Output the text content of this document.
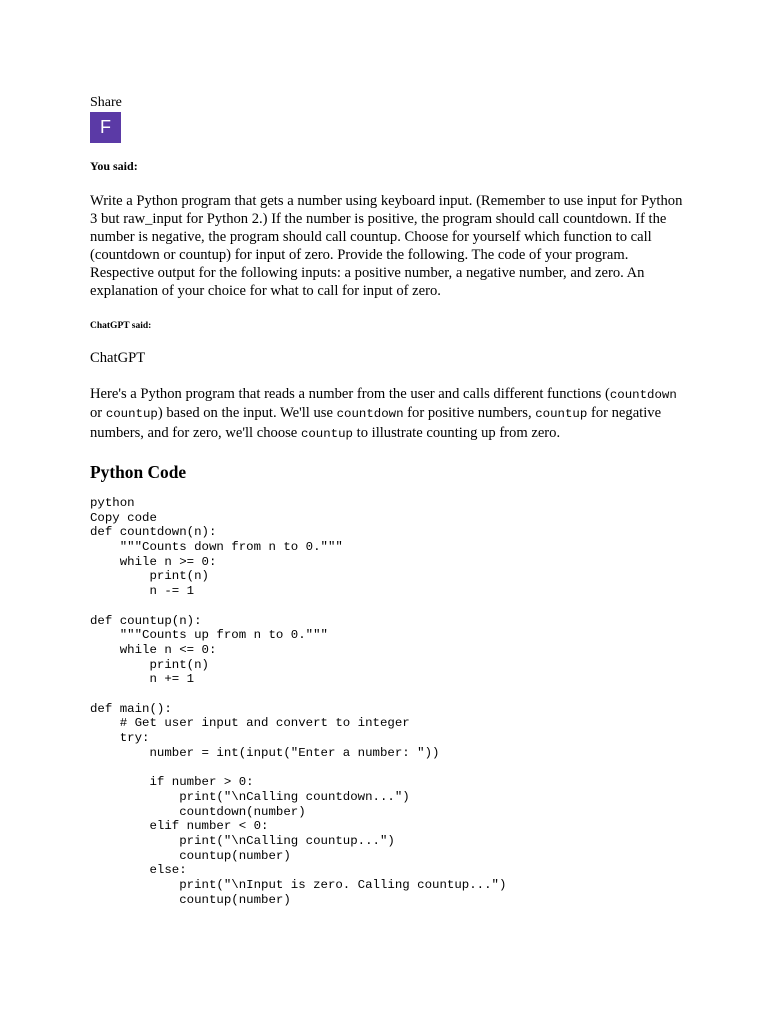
Share

F

You said:

Write a Python program that gets a number using keyboard input. (Remember to use input for Python 3 but raw_input for Python 2.) If the number is positive, the program should call countdown. If the number is negative, the program should call countup. Choose for yourself which function to call (countdown or countup) for input of zero. Provide the following. The code of your program. Respective output for the following inputs: a positive number, a negative number, and zero. An explanation of your choice for what to call for input of zero.

ChatGPT said:

ChatGPT

Here's a Python program that reads a number from the user and calls different functions (countdown or countup) based on the input. We'll use countdown for positive numbers, countup for negative numbers, and for zero, we'll choose countup to illustrate counting up from zero.

Python Code
python
Copy code
def countdown(n):
"""Counts down from n to 0."""
while n >= 0:
print(n)
n -= 1

def countup(n):
"""Counts up from n to 0."""
while n <= 0:
print(n)
n += 1

def main():
# Get user input and convert to integer
try:
number = int(input("Enter a number: "))

if number > 0:
print("\nCalling countdown...")
countdown(number)
elif number < 0:
print("\nCalling countup...")
countup(number)
else:
print("\nInput is zero. Calling countup...")
countup(number)
